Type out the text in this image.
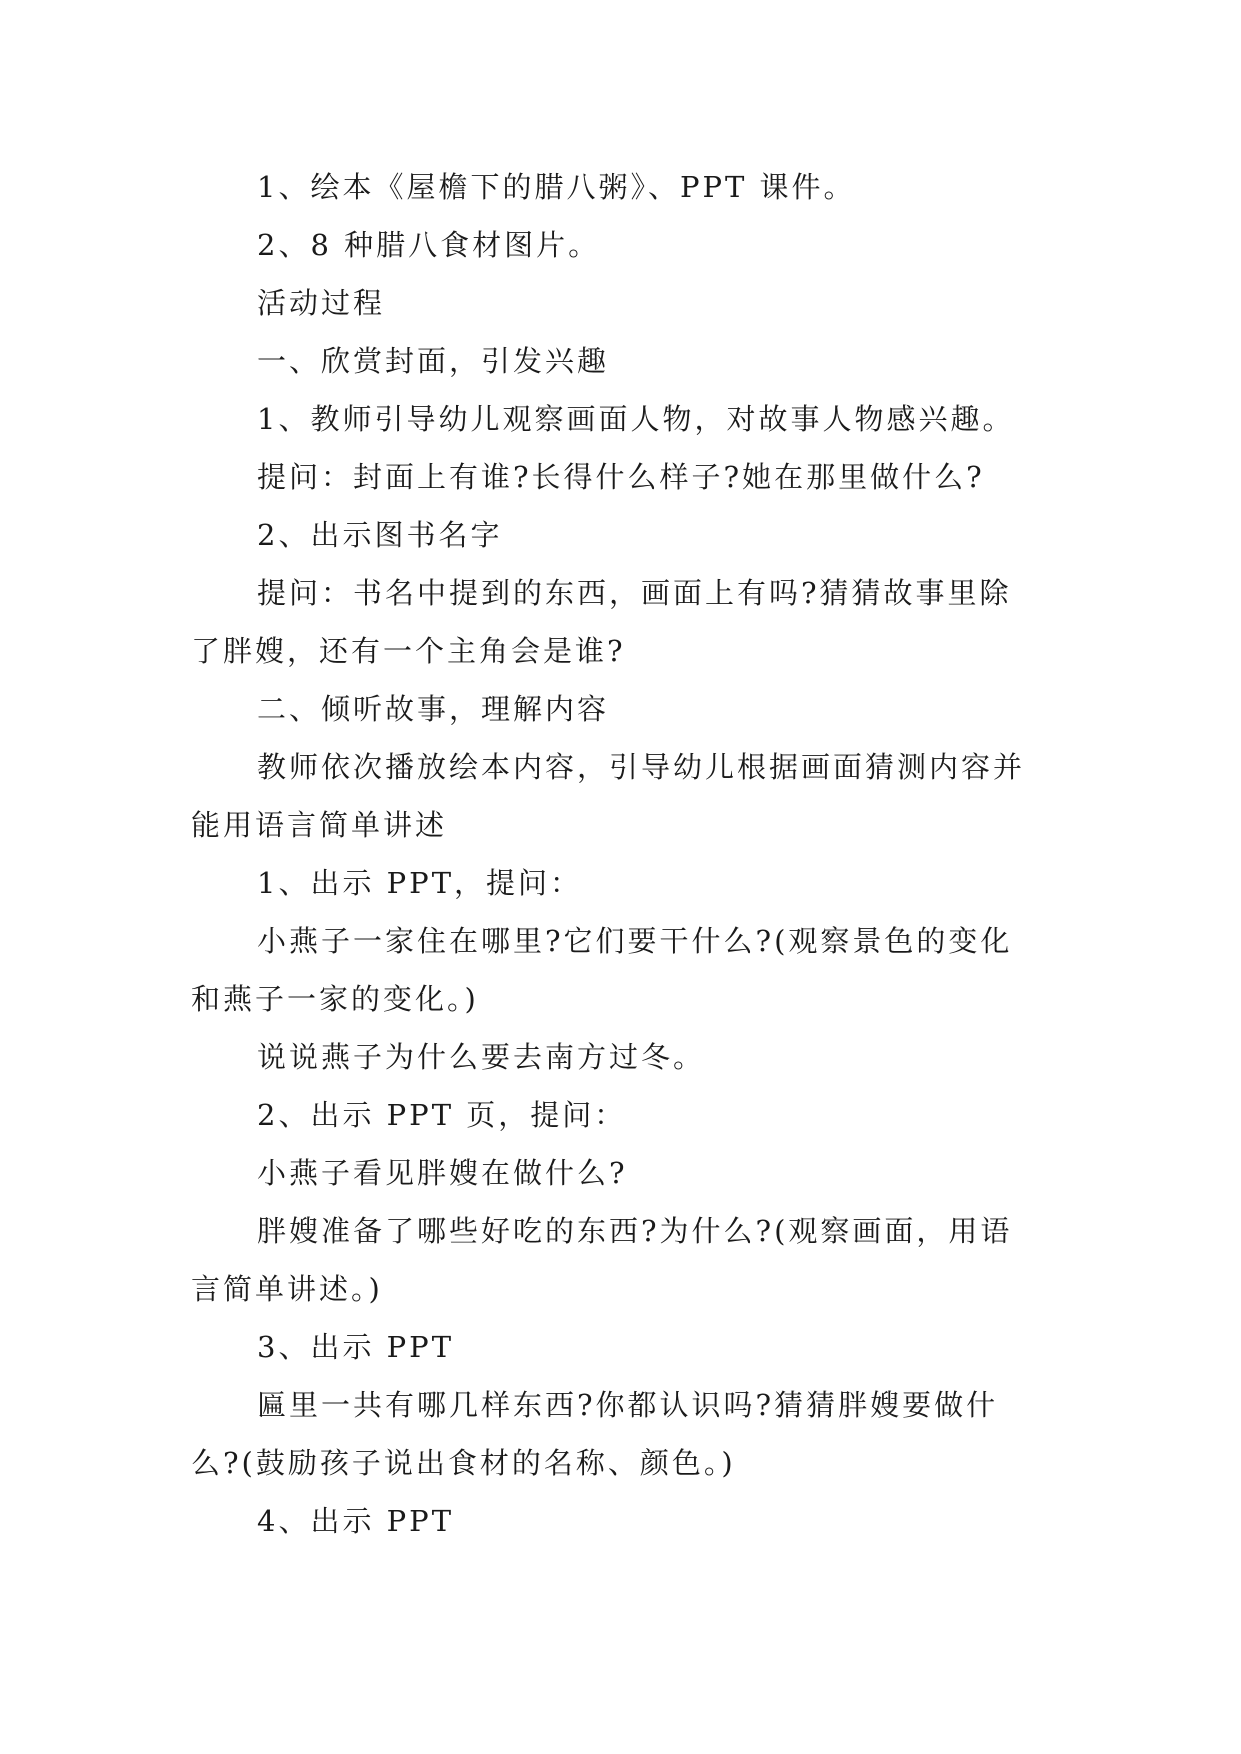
1、绘本《屋檐下的腊八粥》、PPT 课件。

2、8 种腊八食材图片。

活动过程

一、欣赏封面，引发兴趣

1、教师引导幼儿观察画面人物，对故事人物感兴趣。

提问：封面上有谁?长得什么样子?她在那里做什么?

2、出示图书名字

提问：书名中提到的东西，画面上有吗?猜猜故事里除

了胖嫂，还有一个主角会是谁?

二、倾听故事，理解内容

教师依次播放绘本内容，引导幼儿根据画面猜测内容并

能用语言简单讲述

1、出示 PPT，提问：

小燕子一家住在哪里?它们要干什么?(观察景色的变化

和燕子一家的变化。)

说说燕子为什么要去南方过冬。

2、出示 PPT 页，提问：

小燕子看见胖嫂在做什么?

胖嫂准备了哪些好吃的东西?为什么?(观察画面，用语

言简单讲述。)

3、出示 PPT

匾里一共有哪几样东西?你都认识吗?猜猜胖嫂要做什

么?(鼓励孩子说出食材的名称、颜色。)

4、出示 PPT
